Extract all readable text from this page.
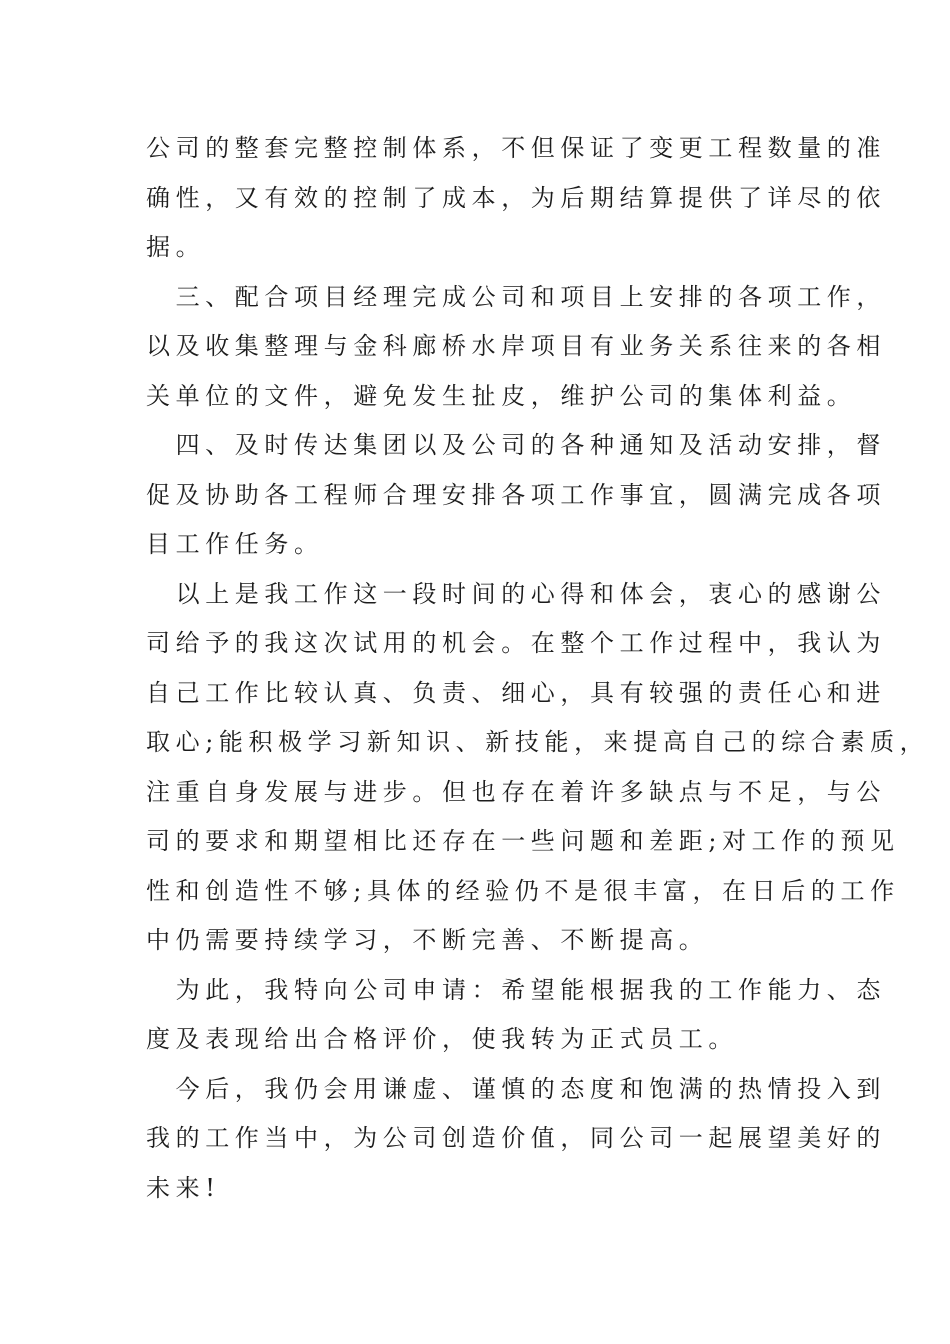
公司的整套完整控制体系，不但保证了变更工程数量的准
确性，又有效的控制了成本，为后期结算提供了详尽的依
据。
　三、配合项目经理完成公司和项目上安排的各项工作，
以及收集整理与金科廊桥水岸项目有业务关系往来的各相
关单位的文件，避免发生扯皮，维护公司的集体利益。
　四、及时传达集团以及公司的各种通知及活动安排，督
促及协助各工程师合理安排各项工作事宜，圆满完成各项
目工作任务。
　以上是我工作这一段时间的心得和体会，衷心的感谢公
司给予的我这次试用的机会。在整个工作过程中，我认为
自己工作比较认真、负责、细心，具有较强的责任心和进
取心;能积极学习新知识、新技能，来提高自己的综合素质，
注重自身发展与进步。但也存在着许多缺点与不足，与公
司的要求和期望相比还存在一些问题和差距;对工作的预见
性和创造性不够;具体的经验仍不是很丰富，在日后的工作
中仍需要持续学习，不断完善、不断提高。
　为此，我特向公司申请：希望能根据我的工作能力、态
度及表现给出合格评价，使我转为正式员工。
　今后，我仍会用谦虚、谨慎的态度和饱满的热情投入到
我的工作当中，为公司创造价值，同公司一起展望美好的
未来!
